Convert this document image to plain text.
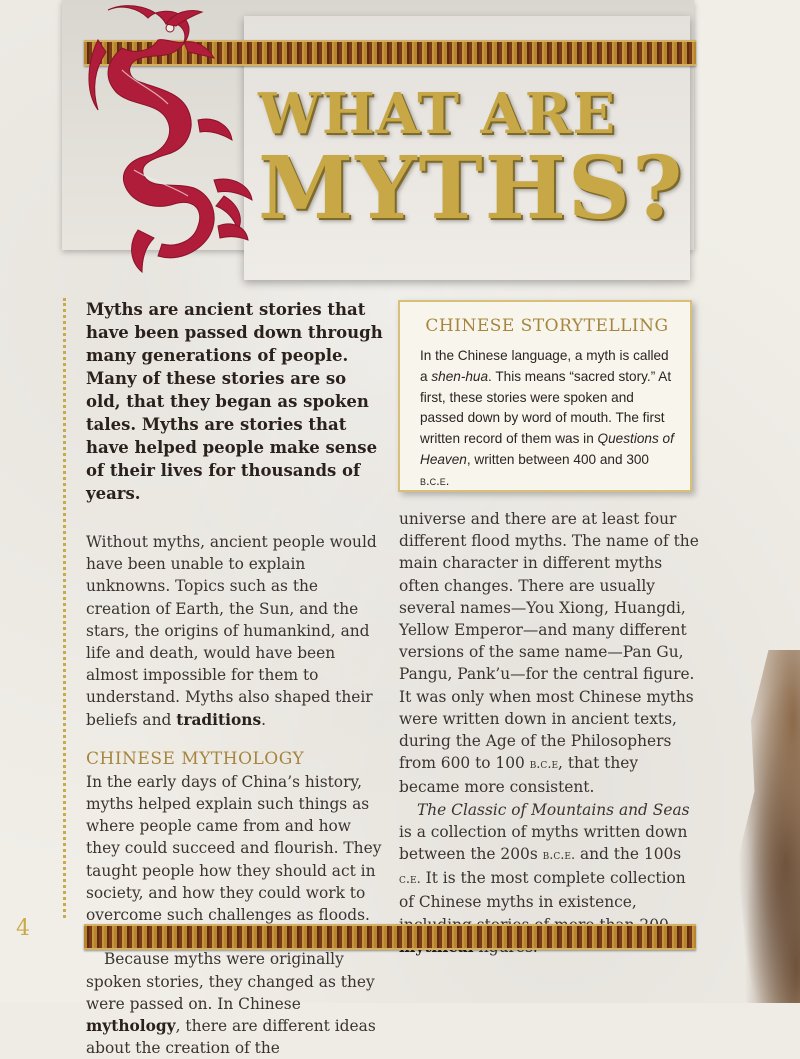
WHAT ARE
MYTHS?

Myths are ancient stories that have been passed down through many generations of people. Many of these stories are so old, that they began as spoken tales. Myths are stories that have helped people make sense of their lives for thousands of years.

Without myths, ancient people would have been unable to explain unknowns. Topics such as the creation of Earth, the Sun, and the stars, the origins of humankind, and life and death, would have been almost impossible for them to understand. Myths also shaped their beliefs and traditions.

CHINESE MYTHOLOGY

In the early days of China’s history, myths helped explain such things as where people came from and how they could succeed and flourish. They taught people how they should act in society, and how they could work to overcome such challenges as floods.

Because myths were originally spoken stories, they changed as they were passed on. In Chinese mythology, there are different ideas about the creation of the

CHINESE STORYTELLING

In the Chinese language, a myth is called a shen-hua. This means “sacred story.” At first, these stories were spoken and passed down by word of mouth. The first written record of them was in Questions of Heaven, written between 400 and 300 b.c.e.

universe and there are at least four different flood myths. The name of the main character in different myths often changes. There are usually several names—You Xiong, Huangdi, Yellow Emperor—and many different versions of the same name—Pan Gu, Pangu, Pank’u—for the central figure. It was only when most Chinese myths were written down in ancient texts, during the Age of the Philosophers from 600 to 100 b.c.e, that they became more consistent.

The Classic of Mountains and Seas is a collection of myths written down between the 200s b.c.e. and the 100s c.e. It is the most complete collection of Chinese myths in existence,

4
